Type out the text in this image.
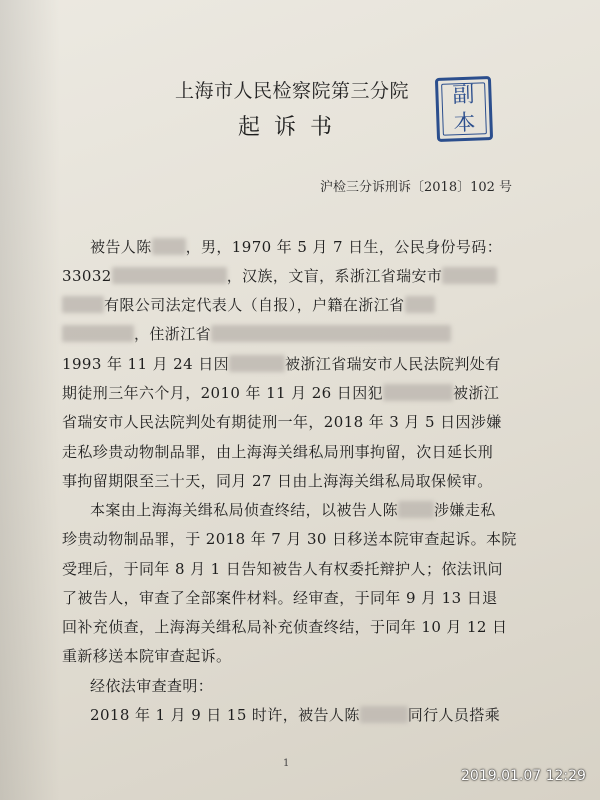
上海市人民检察院第三分院
起诉书
副
本
沪检三分诉刑诉〔2018〕102 号
被告人陈 ，男，1970 年 5 月 7 日生，公民身份号码：
33032	，汉族，文盲，系浙江省瑞安市
有限公司法定代表人（自报），户籍在浙江省
，住浙江省
1993 年 11 月 24 日因	被浙江省瑞安市人民法院判处有
期徒刑三年六个月，2010 年 11 月 26 日因犯	被浙江
省瑞安市人民法院判处有期徒刑一年，2018 年 3 月 5 日因涉嫌
走私珍贵动物制品罪，由上海海关缉私局刑事拘留，次日延长刑
事拘留期限至三十天，同月 27 日由上海海关缉私局取保候审。
本案由上海海关缉私局侦查终结，以被告人陈 涉嫌走私
珍贵动物制品罪，于 2018 年 7 月 30 日移送本院审查起诉。本院
受理后，于同年 8 月 1 日告知被告人有权委托辩护人；依法讯问
了被告人，审查了全部案件材料。经审查，于同年 9 月 13 日退
回补充侦查，上海海关缉私局补充侦查终结，于同年 10 月 12 日
重新移送本院审查起诉。
经依法审查查明：
2018 年 1 月 9 日 15 时许，被告人陈	同行人员搭乘
1
2019.01.07 12:29
